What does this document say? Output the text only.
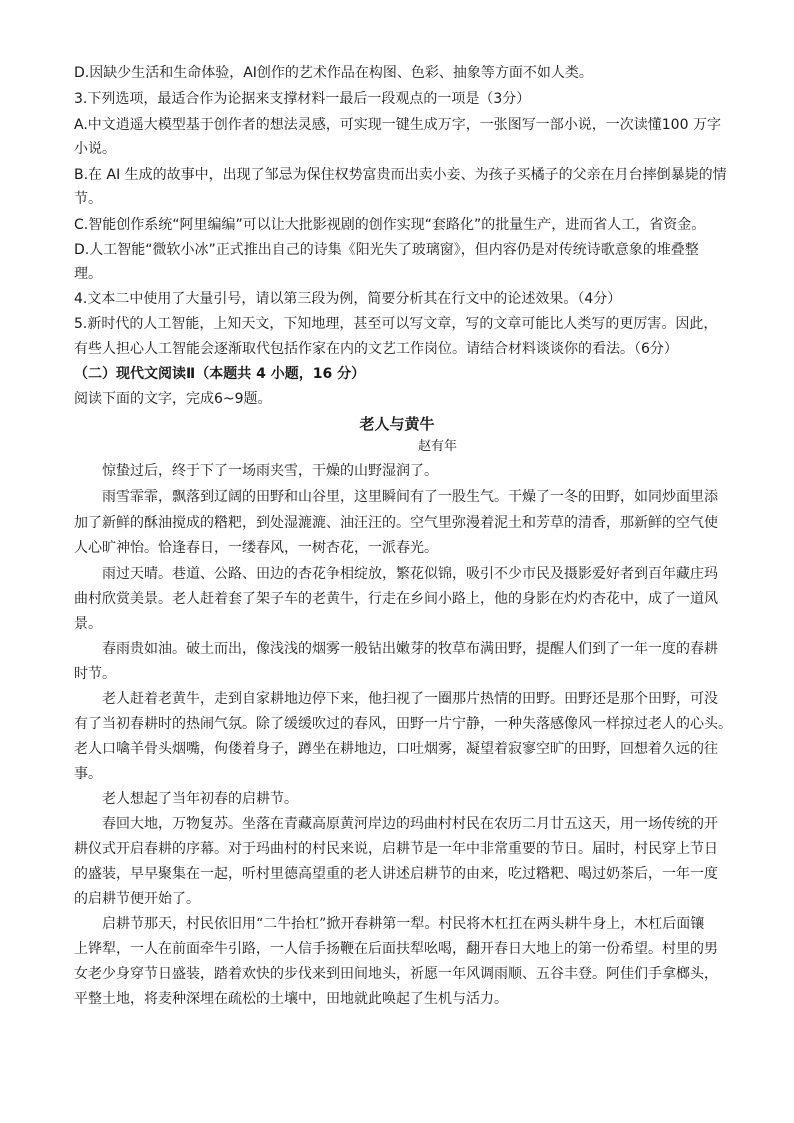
D.因缺少生活和生命体验，AI创作的艺术作品在构图、色彩、抽象等方面不如人类。
3.下列选项，最适合作为论据来支撑材料一最后一段观点的一项是（3分）
A.中文逍遥大模型基于创作者的想法灵感，可实现一键生成万字，一张图写一部小说，一次读懂100 万字
小说。
B.在 AI 生成的故事中，出现了邹忌为保住权势富贵而出卖小妾、为孩子买橘子的父亲在月台摔倒暴毙的情
节。
C.智能创作系统“阿里编编”可以让大批影视剧的创作实现“套路化”的批量生产，进而省人工，省资金。
D.人工智能“微软小冰”正式推出自己的诗集《阳光失了玻璃窗》，但内容仍是对传统诗歌意象的堆叠整
理。
4.文本二中使用了大量引号，请以第三段为例，简要分析其在行文中的论述效果。（4分）
5.新时代的人工智能，上知天文，下知地理，甚至可以写文章，写的文章可能比人类写的更厉害。因此，
有些人担心人工智能会逐渐取代包括作家在内的文艺工作岗位。请结合材料谈谈你的看法。（6分）
（二）现代文阅读Ⅱ（本题共 4 小题，16 分）
阅读下面的文字，完成6~9题。
老人与黄牛
赵有年
惊蛰过后，终于下了一场雨夹雪，干燥的山野湿润了。
雨雪霏霏，飘落到辽阔的田野和山谷里，这里瞬间有了一股生气。干燥了一冬的田野，如同炒面里添
加了新鲜的酥油搅成的糌粑，到处湿漉漉、油汪汪的。空气里弥漫着泥土和芳草的清香，那新鲜的空气使
人心旷神怡。恰逢春日，一缕春风，一树杏花，一派春光。
雨过天晴。巷道、公路、田边的杏花争相绽放，繁花似锦，吸引不少市民及摄影爱好者到百年藏庄玛
曲村欣赏美景。老人赶着套了架子车的老黄牛，行走在乡间小路上，他的身影在灼灼杏花中，成了一道风
景。
春雨贵如油。破土而出，像浅浅的烟雾一般钻出嫩芽的牧草布满田野，提醒人们到了一年一度的春耕
时节。
老人赶着老黄牛，走到自家耕地边停下来，他扫视了一圈那片热情的田野。田野还是那个田野，可没
有了当初春耕时的热闹气氛。除了缓缓吹过的春风，田野一片宁静，一种失落感像风一样掠过老人的心头。
老人口噙羊骨头烟嘴，佝偻着身子，蹲坐在耕地边，口吐烟雾，凝望着寂寥空旷的田野，回想着久远的往
事。
老人想起了当年初春的启耕节。
春回大地，万物复苏。坐落在青藏高原黄河岸边的玛曲村村民在农历二月廿五这天，用一场传统的开
耕仪式开启春耕的序幕。对于玛曲村的村民来说，启耕节是一年中非常重要的节日。届时，村民穿上节日
的盛装，早早聚集在一起，听村里德高望重的老人讲述启耕节的由来，吃过糌粑、喝过奶茶后，一年一度
的启耕节便开始了。
启耕节那天，村民依旧用“二牛抬杠”掀开春耕第一犁。村民将木杠扛在两头耕牛身上，木杠后面镶
上铧犁，一人在前面牵牛引路，一人信手扬鞭在后面扶犁吆喝，翻开春日大地上的第一份希望。村里的男
女老少身穿节日盛装，踏着欢快的步伐来到田间地头，祈愿一年风调雨顺、五谷丰登。阿佳们手拿榔头，
平整土地，将麦种深埋在疏松的土壤中，田地就此唤起了生机与活力。
